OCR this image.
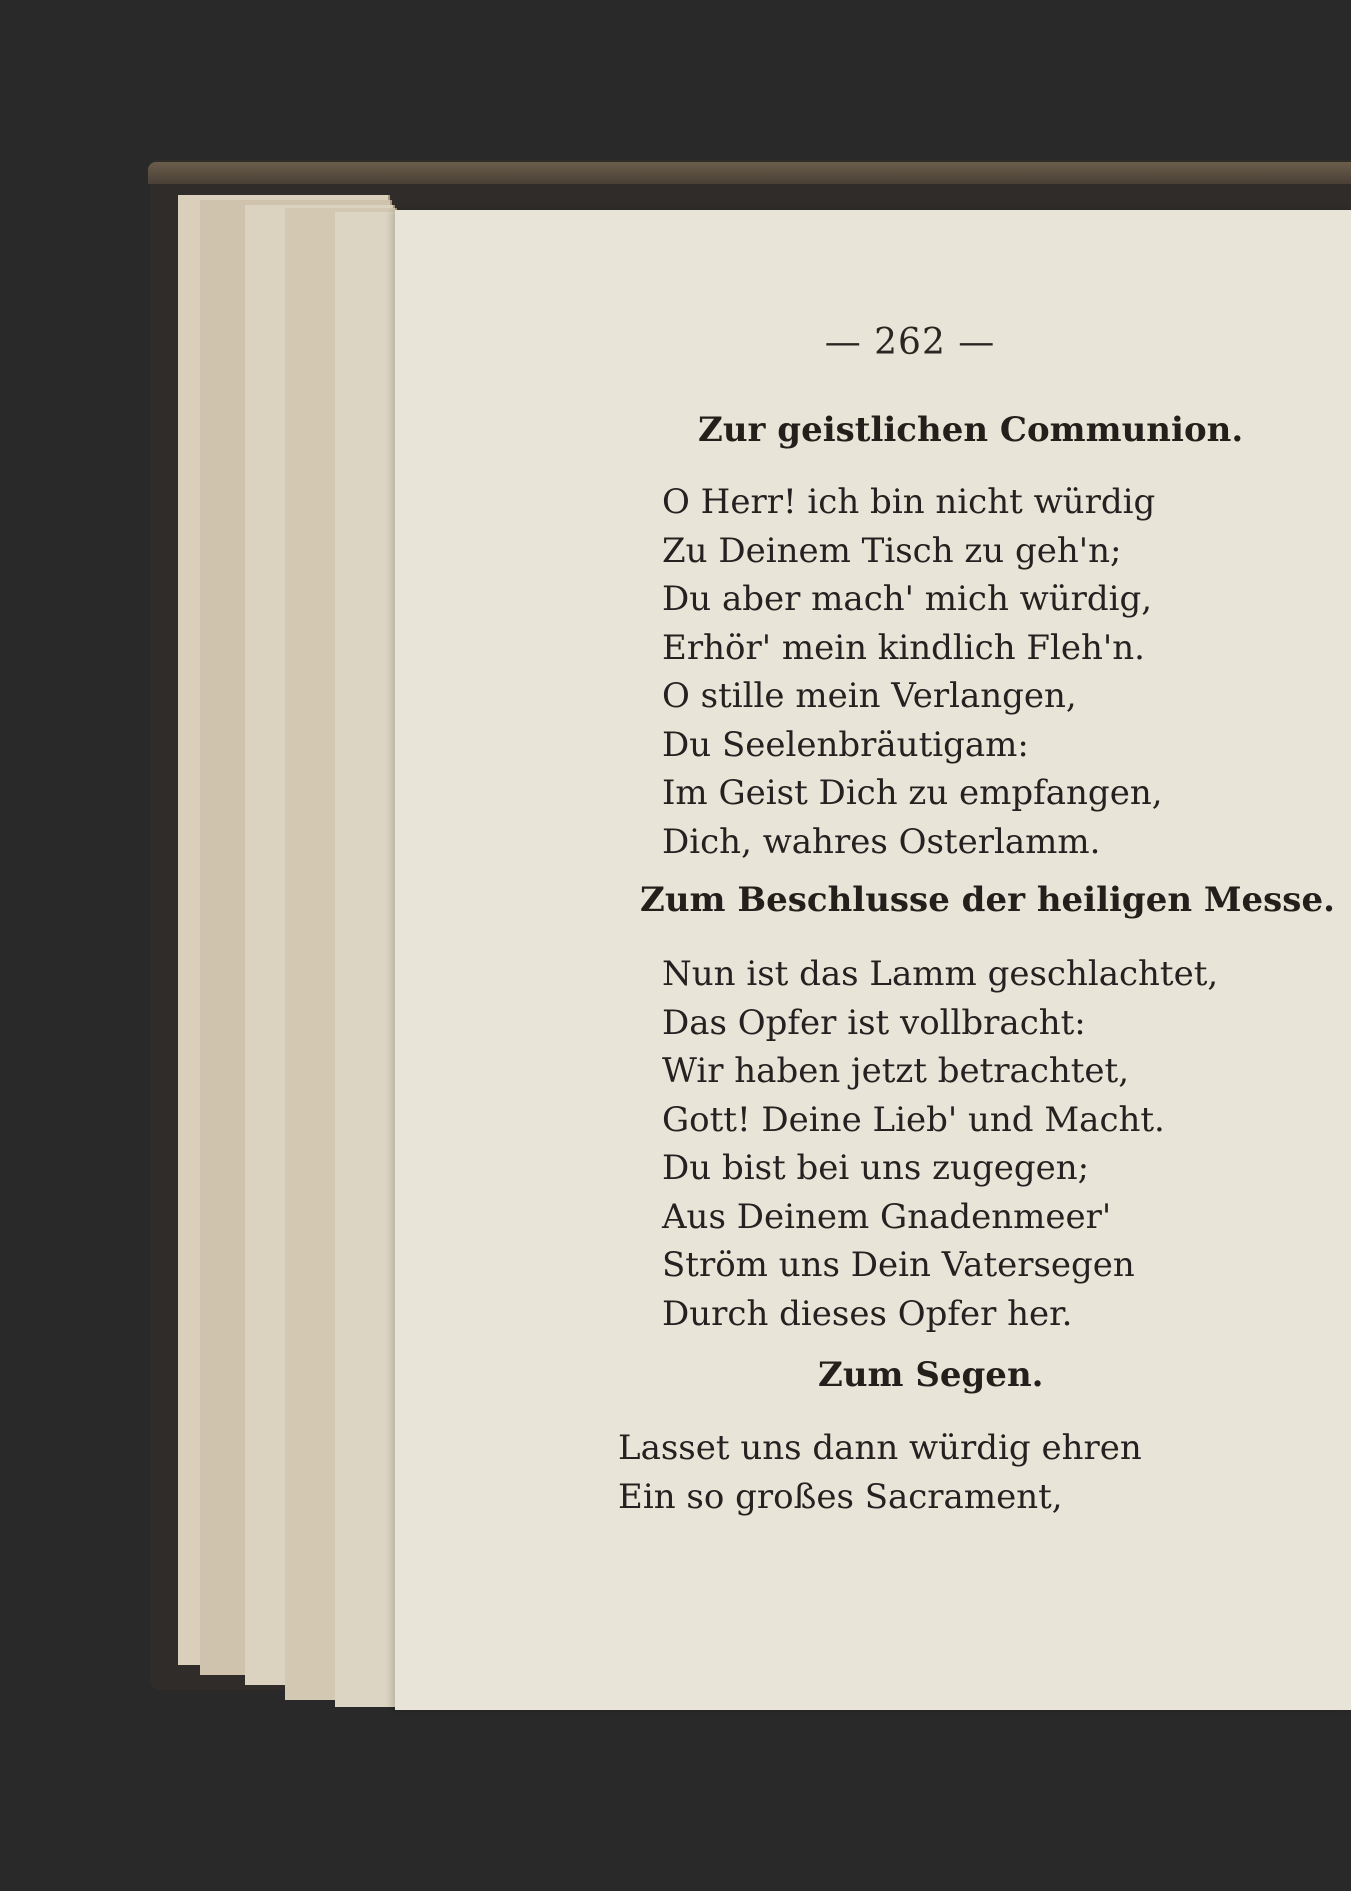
— 262 —
Zur geistlichen Communion.
O Herr! ich bin nicht würdig
Zu Deinem Tisch zu geh'n;
Du aber mach' mich würdig,
Erhör' mein kindlich Fleh'n.
O stille mein Verlangen,
Du Seelenbräutigam:
Im Geist Dich zu empfangen,
Dich, wahres Osterlamm.
Zum Beschlusse der heiligen Messe.
Nun ist das Lamm geschlachtet,
Das Opfer ist vollbracht:
Wir haben jetzt betrachtet,
Gott! Deine Lieb' und Macht.
Du bist bei uns zugegen;
Aus Deinem Gnadenmeer'
Ström uns Dein Vatersegen
Durch dieses Opfer her.
Zum Segen.
Lasset uns dann würdig ehren
Ein so großes Sacrament,
